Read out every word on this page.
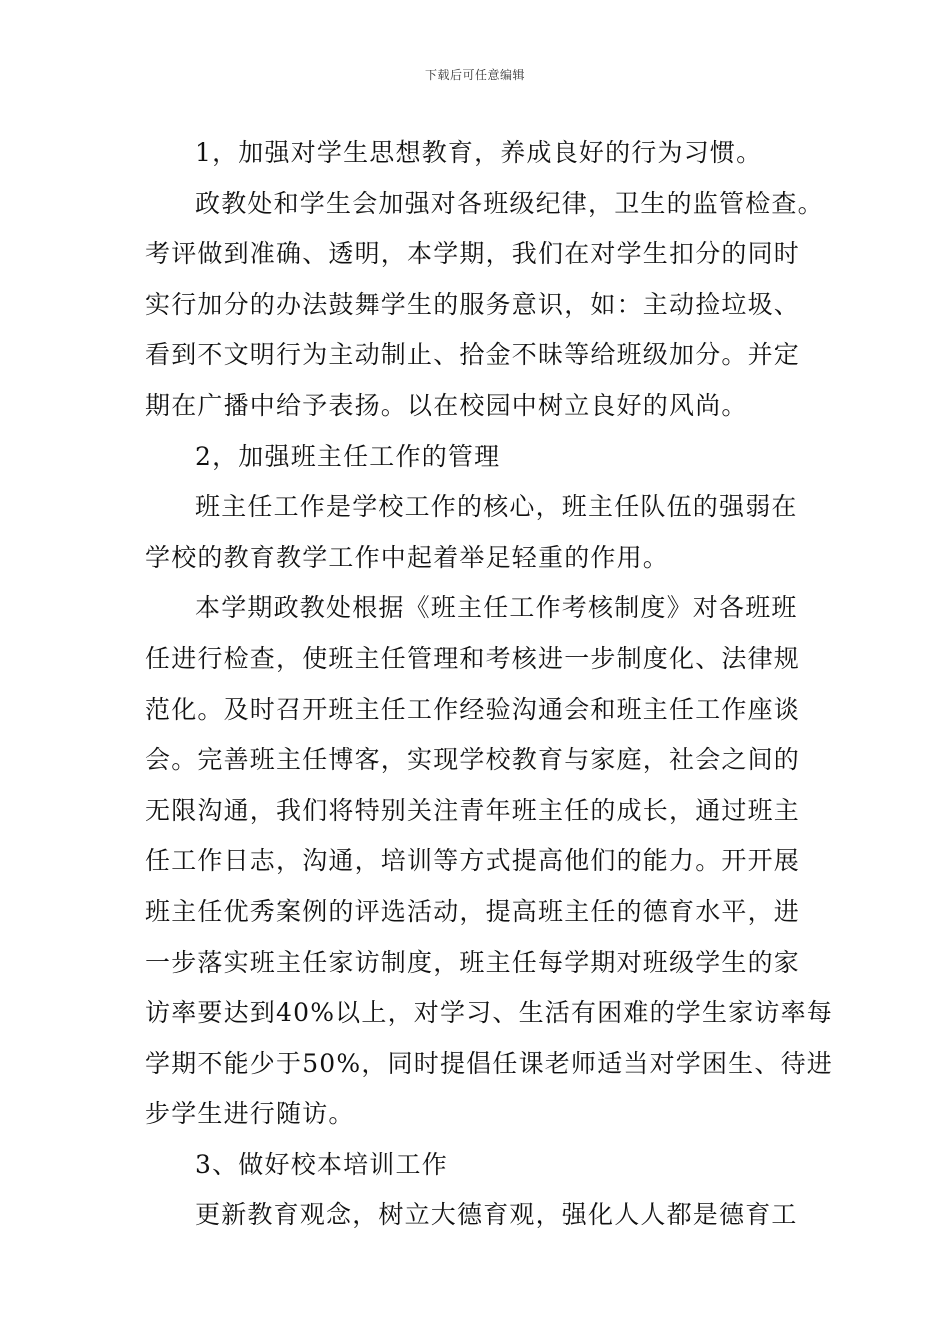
下载后可任意编辑
1，加强对学生思想教育，养成良好的行为习惯。
政教处和学生会加强对各班级纪律，卫生的监管检查。
考评做到准确、透明，本学期，我们在对学生扣分的同时
实行加分的办法鼓舞学生的服务意识，如：主动捡垃圾、
看到不文明行为主动制止、拾金不昧等给班级加分。并定
期在广播中给予表扬。以在校园中树立良好的风尚。
2，加强班主任工作的管理
班主任工作是学校工作的核心，班主任队伍的强弱在
学校的教育教学工作中起着举足轻重的作用。
本学期政教处根据《班主任工作考核制度》对各班班
任进行检查，使班主任管理和考核进一步制度化、法律规
范化。及时召开班主任工作经验沟通会和班主任工作座谈
会。完善班主任博客，实现学校教育与家庭，社会之间的
无限沟通，我们将特别关注青年班主任的成长，通过班主
任工作日志，沟通，培训等方式提高他们的能力。开开展
班主任优秀案例的评选活动，提高班主任的德育水平，进
一步落实班主任家访制度，班主任每学期对班级学生的家
访率要达到40%以上，对学习、生活有困难的学生家访率每
学期不能少于50%，同时提倡任课老师适当对学困生、待进
步学生进行随访。
3、做好校本培训工作
更新教育观念，树立大德育观，强化人人都是德育工
